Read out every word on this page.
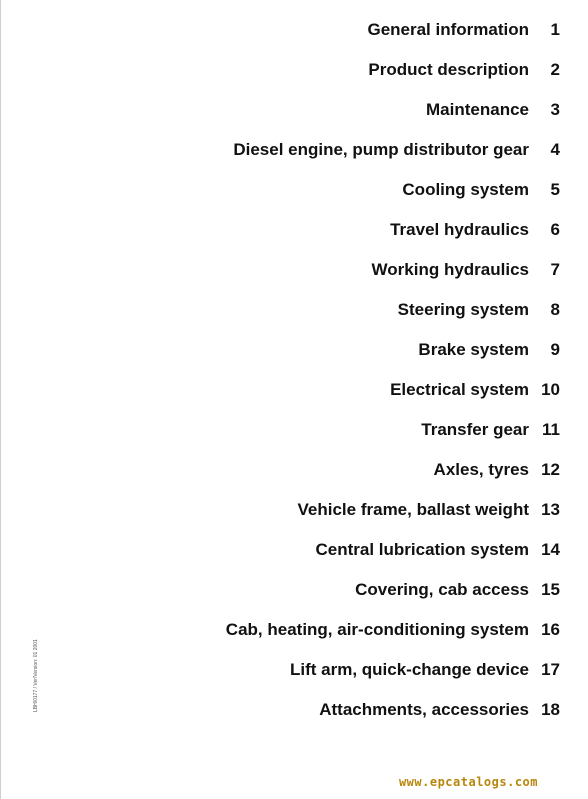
General information 1
Product description 2
Maintenance 3
Diesel engine, pump distributor gear 4
Cooling system 5
Travel hydraulics 6
Working hydraulics 7
Steering system 8
Brake system 9
Electrical system 10
Transfer gear 11
Axles, tyres 12
Vehicle frame, ballast weight 13
Central lubrication system 14
Covering, cab access 15
Cab, heating, air-conditioning system 16
Lift arm, quick-change device 17
Attachments, accessories 18
LBH/0177 / Ver/Version: 01 2001
www.epcatalogs.com
